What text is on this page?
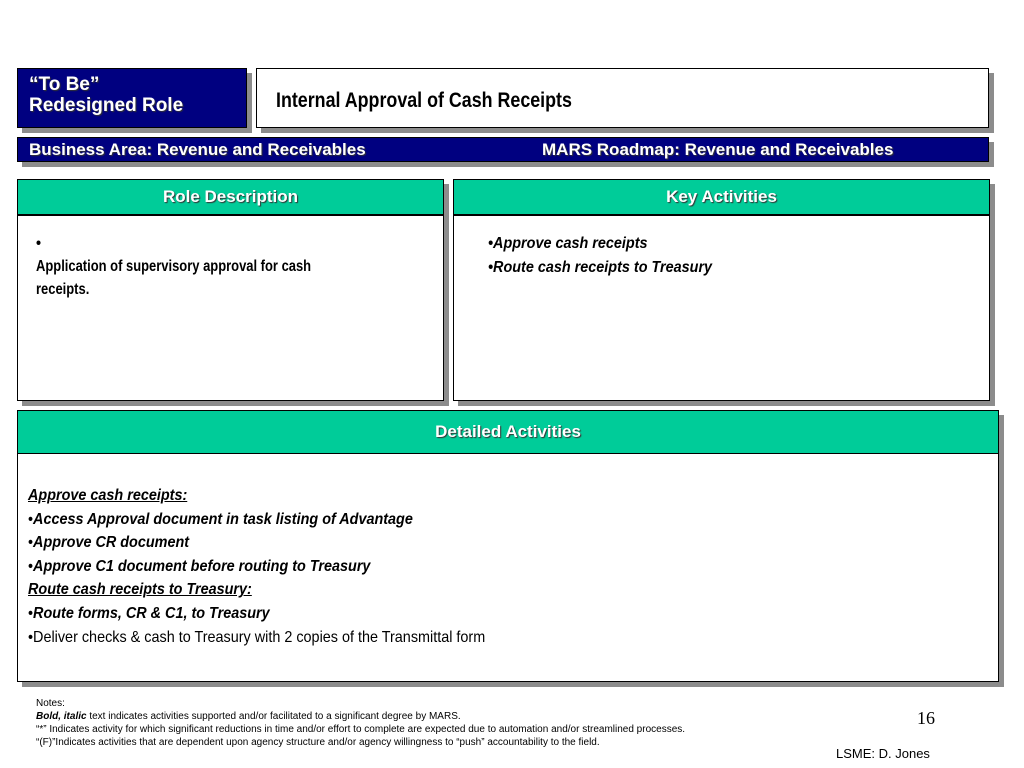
“To Be”
Redesigned Role	Internal Approval of Cash Receipts
Business Area: Revenue and Receivables	MARS Roadmap: Revenue and Receivables
Role Description
•Application of supervisory approval for cash receipts.
Key Activities
•Approve cash receipts
•Route cash receipts to Treasury
Detailed Activities
Approve cash receipts:
•Access Approval document in task listing of Advantage
•Approve CR document
•Approve C1 document before routing to Treasury
Route cash receipts to Treasury:
•Route forms, CR & C1, to Treasury
•Deliver checks & cash to Treasury with 2 copies of the Transmittal form
Notes:
Bold, italic text indicates activities supported and/or facilitated to a significant degree by MARS.
“*” Indicates activity for which significant reductions in time and/or effort to complete are expected due to automation and/or streamlined processes.
“(F)”Indicates activities that are dependent upon agency structure and/or agency willingness to “push” accountability to the field.
16
LSME: D. Jones
